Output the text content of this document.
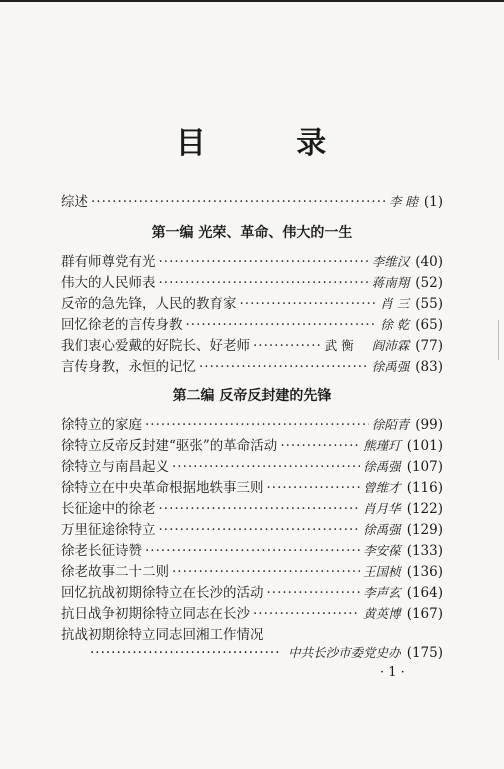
目 录
综述 ·····	李 睦 (1)
第一编 光荣、革命、伟大的一生
群有师尊党有光 ·····	李维汉 (40)
伟大的人民师表 ·····	蒋南翔 (52)
反帝的急先锋，人民的教育家 ·····	肖 三 (55)
回忆徐老的言传身教 ·····	徐 乾 (65)
我们衷心爱戴的好院长、好老师 ·····	武 衡 阎沛霖 (77)
言传身教，永恒的记忆 ·····	徐禹强 (83)
第二编 反帝反封建的先锋
徐特立的家庭 ·····	徐陌青 (99)
徐特立反帝反封建“驱张”的革命活动 ·····	熊瑾玎 (101)
徐特立与南昌起义 ·····	徐禹强 (107)
徐特立在中央革命根据地轶事三则 ·····	曾维才 (116)
长征途中的徐老 ·····	肖月华 (122)
万里征途徐特立 ·····	徐禹强 (129)
徐老长征诗赞 ·····	李安葆 (133)
徐老故事二十二则 ·····	王国桢 (136)
回忆抗战初期徐特立在长沙的活动 ·····	李声玄 (164)
抗日战争初期徐特立同志在长沙 ·····	黄英博 (167)
抗战初期徐特立同志回湘工作情况
·····
中共长沙市委党史办 (175)
· 1 ·
